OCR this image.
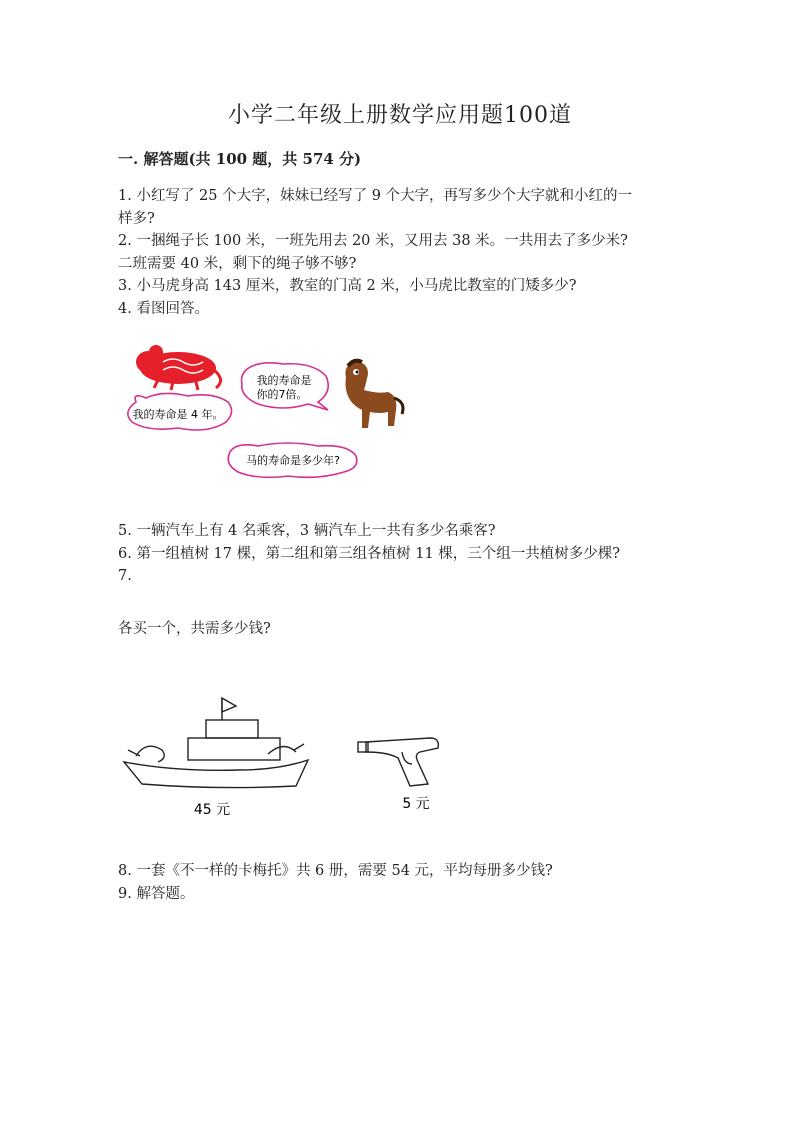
小学二年级上册数学应用题100道
一. 解答题(共 100 题，共 574 分)
1. 小红写了 25 个大字，妹妹已经写了 9 个大字，再写多少个大字就和小红的一
样多?
2. 一捆绳子长 100 米，一班先用去 20 米，又用去 38 米。一共用去了多少米?
二班需要 40 米，剩下的绳子够不够?
3. 小马虎身高 143 厘米，教室的门高 2 米，小马虎比教室的门矮多少?
4. 看图回答。
我的寿命是 4 年。
我的寿命是
你的7倍。
马的寿命是多少年?
5. 一辆汽车上有 4 名乘客，3 辆汽车上一共有多少名乘客?
6. 第一组植树 17 棵，第二组和第三组各植树 11 棵，三个组一共植树多少棵?
7.
各买一个，共需多少钱?
45 元	5 元
8. 一套《不一样的卡梅托》共 6 册，需要 54 元，平均每册多少钱?
9. 解答题。
